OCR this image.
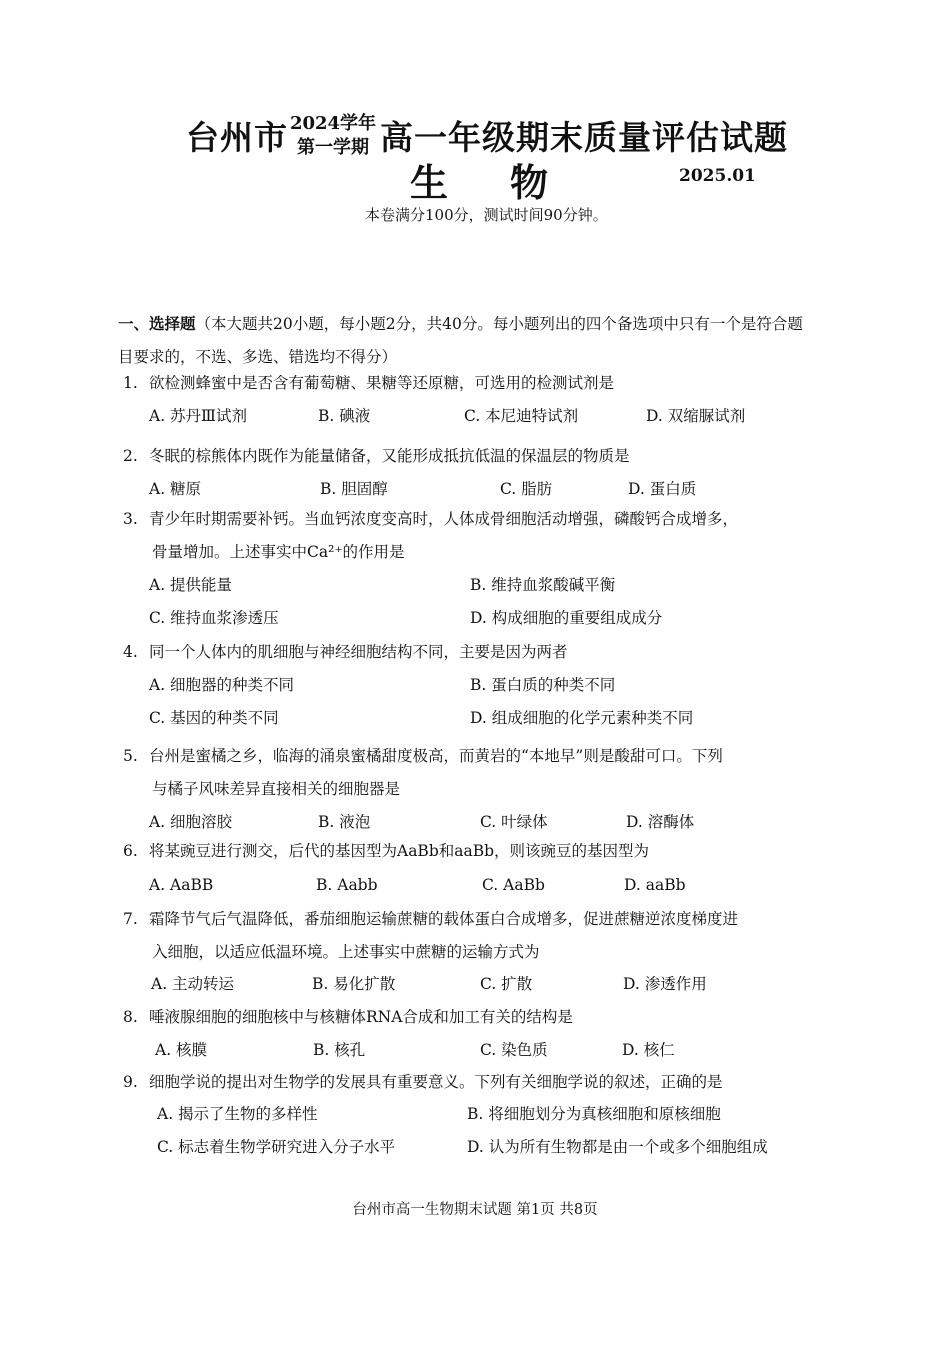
台州市 2024学年
第一学期 高一年级期末质量评估试题
生物	2025.01
本卷满分100分，测试时间90分钟。
一、选择题（本大题共20小题，每小题2分，共40分。每小题列出的四个备选项中只有一个是符合题目要求的，不选、多选、错选均不得分）
1. 欲检测蜂蜜中是否含有葡萄糖、果糖等还原糖，可选用的检测试剂是
A. 苏丹Ⅲ试剂	B. 碘液	C. 本尼迪特试剂	D. 双缩脲试剂
2. 冬眠的棕熊体内既作为能量储备，又能形成抵抗低温的保温层的物质是
A. 糖原	B. 胆固醇	C. 脂肪	D. 蛋白质
3. 青少年时期需要补钙。当血钙浓度变高时，人体成骨细胞活动增强，磷酸钙合成增多，
骨量增加。上述事实中Ca²⁺的作用是
A. 提供能量	B. 维持血浆酸碱平衡
C. 维持血浆渗透压	D. 构成细胞的重要组成成分
4. 同一个人体内的肌细胞与神经细胞结构不同，主要是因为两者
A. 细胞器的种类不同	B. 蛋白质的种类不同
C. 基因的种类不同	D. 组成细胞的化学元素种类不同
5. 台州是蜜橘之乡，临海的涌泉蜜橘甜度极高，而黄岩的“本地早”则是酸甜可口。下列
与橘子风味差异直接相关的细胞器是
A. 细胞溶胶	B. 液泡	C. 叶绿体	D. 溶酶体
6. 将某豌豆进行测交，后代的基因型为AaBb和aaBb，则该豌豆的基因型为
A. AaBB	B. Aabb	C. AaBb	D. aaBb
7. 霜降节气后气温降低，番茄细胞运输蔗糖的载体蛋白合成增多，促进蔗糖逆浓度梯度进
入细胞，以适应低温环境。上述事实中蔗糖的运输方式为
A. 主动转运	B. 易化扩散	C. 扩散	D. 渗透作用
8. 唾液腺细胞的细胞核中与核糖体RNA合成和加工有关的结构是
A. 核膜	B. 核孔	C. 染色质	D. 核仁
9. 细胞学说的提出对生物学的发展具有重要意义。下列有关细胞学说的叙述，正确的是
A. 揭示了生物的多样性	B. 将细胞划分为真核细胞和原核细胞
C. 标志着生物学研究进入分子水平	D. 认为所有生物都是由一个或多个细胞组成
台州市高一生物期末试题 第1页 共8页
